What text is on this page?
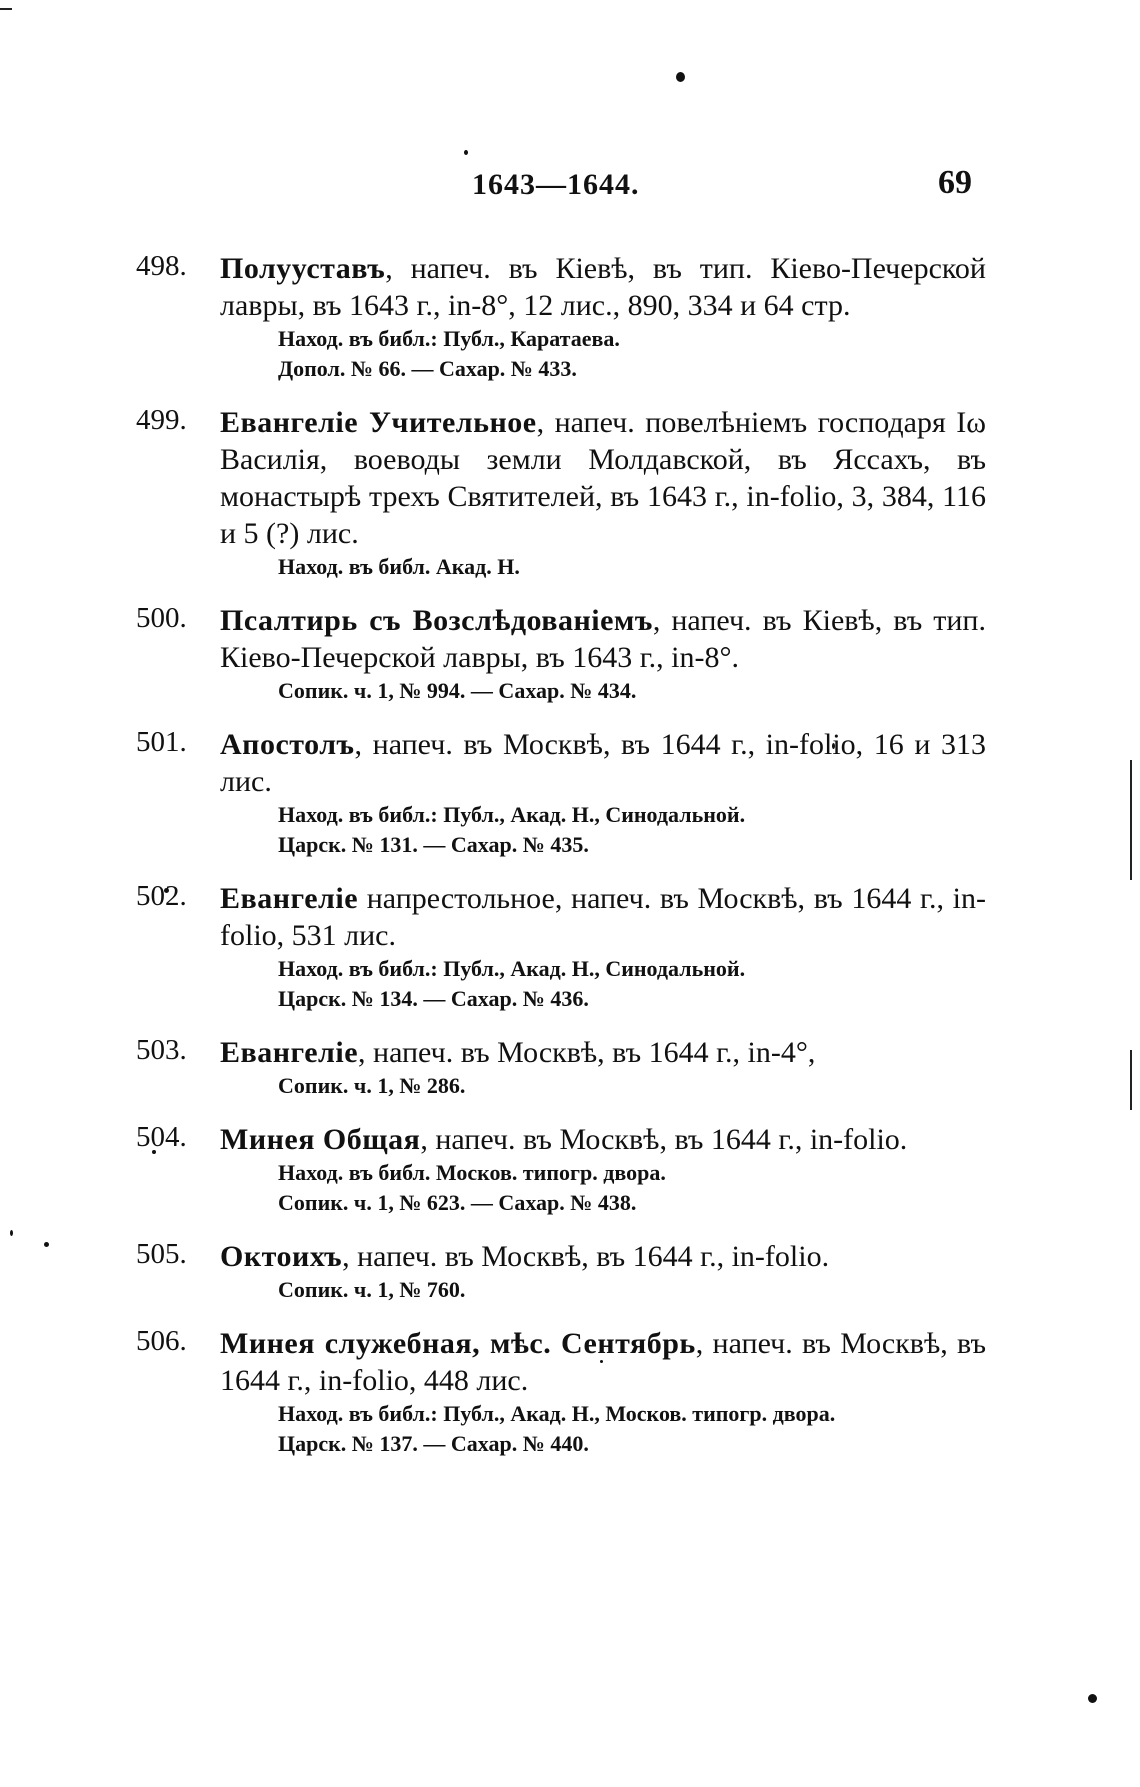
1643—1644.	69
498. Полууставъ, напеч. въ Кіевѣ, въ тип. Кіево-Печерской лавры, въ 1643 г., in-8°, 12 лис., 890, 334 и 64 стр.
Наход. въ библ.: Публ., Каратаева.
Допол. № 66. — Сахар. № 433.
499. Евангеліе Учительное, напеч. повелѣніемъ господаря Іω Василія, воеводы земли Молдавской, въ Яссахъ, въ монастырѣ трехъ Святителей, въ 1643 г., in-folio, 3, 384, 116 и 5 (?) лис.
Наход. въ библ. Акад. Н.
500. Псалтирь съ Возслѣдованіемъ, напеч. въ Кіевѣ, въ тип. Кіево-Печерской лавры, въ 1643 г., in-8°.
Сопик. ч. 1, № 994. — Сахар. № 434.
501. Апостолъ, напеч. въ Москвѣ, въ 1644 г., in-folio, 16 и 313 лис.
Наход. въ библ.: Публ., Акад. Н., Синодальной.
Царск. № 131. — Сахар. № 435.
502. Евангеліе напрестольное, напеч. въ Москвѣ, въ 1644 г., in-folio, 531 лис.
Наход. въ библ.: Публ., Акад. Н., Синодальной.
Царск. № 134. — Сахар. № 436.
503. Евангеліе, напеч. въ Москвѣ, въ 1644 г., in-4°,
Сопик. ч. 1, № 286.
504. Минея Общая, напеч. въ Москвѣ, въ 1644 г., in-folio.
Наход. въ библ. Москов. типогр. двора.
Сопик. ч. 1, № 623. — Сахар. № 438.
505. Октоихъ, напеч. въ Москвѣ, въ 1644 г., in-folio.
Сопик. ч. 1, № 760.
506. Минея служебная, мѣс. Сентябрь, напеч. въ Москвѣ, въ 1644 г., in-folio, 448 лис.
Наход. въ библ.: Публ., Акад. Н., Москов. типогр. двора.
Царск. № 137. — Сахар. № 440.
